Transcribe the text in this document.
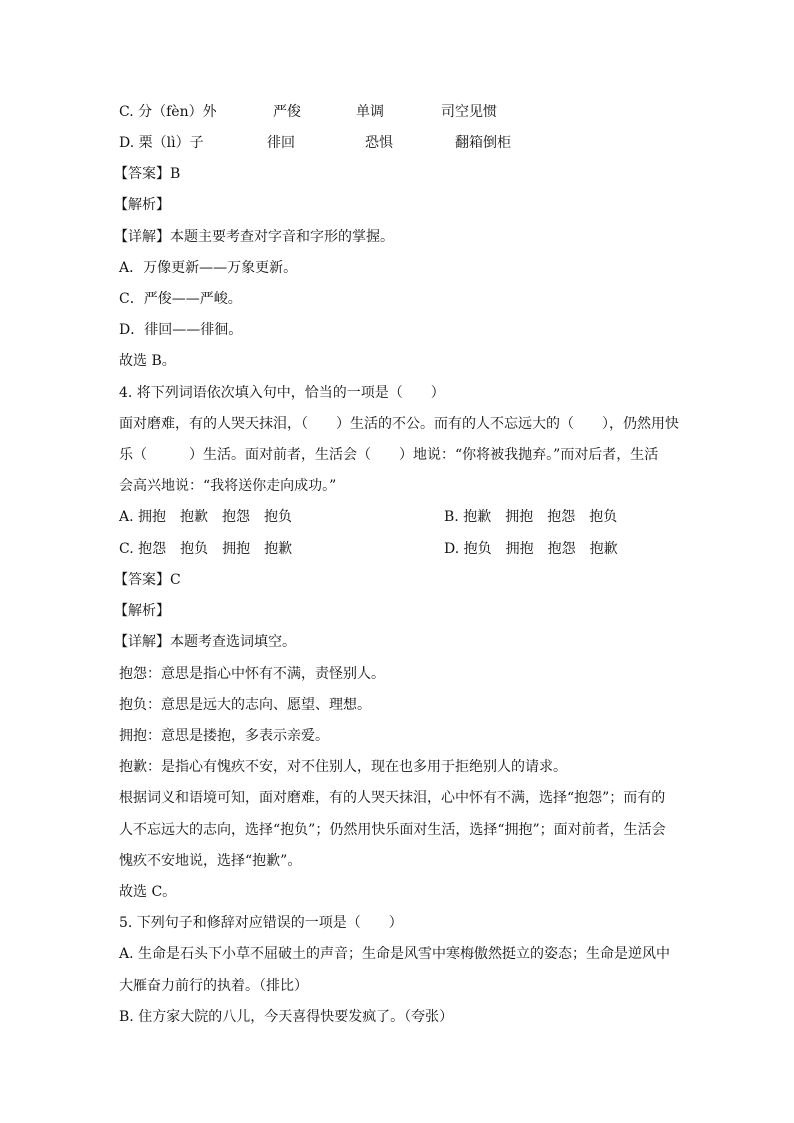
C. 分（fèn）外	严俊	单调	司空见惯
D. 栗（lì）子	徘回	恐惧	翻箱倒柜
【答案】B
【解析】
【详解】本题主要考查对字音和字形的掌握。
A．万像更新——万象更新。
C．严俊——严峻。
D．徘回——徘徊。
故选 B。
4. 将下列词语依次填入句中，恰当的一项是（　　）
面对磨难，有的人哭天抹泪，（　　）生活的不公。而有的人不忘远大的（　　），仍然用快
乐（　　　）生活。面对前者，生活会（　　）地说：“你将被我抛弃。”而对后者，生活
会高兴地说：“我将送你走向成功。”
A. 拥抱　抱歉　抱怨　抱负	B. 抱歉　拥抱　抱怨　抱负
C. 抱怨　抱负　拥抱　抱歉	D. 抱负　拥抱　抱怨　抱歉
【答案】C
【解析】
【详解】本题考查选词填空。
抱怨：意思是指心中怀有不满，责怪别人。
抱负：意思是远大的志向、愿望、理想。
拥抱：意思是搂抱，多表示亲爱。
抱歉：是指心有愧疚不安，对不住别人，现在也多用于拒绝别人的请求。
根据词义和语境可知，面对磨难，有的人哭天抹泪，心中怀有不满，选择“抱怨”；而有的
人不忘远大的志向，选择“抱负”；仍然用快乐面对生活，选择“拥抱”；面对前者，生活会
愧疚不安地说，选择“抱歉”。
故选 C。
5. 下列句子和修辞对应错误的一项是（　　）
A. 生命是石头下小草不屈破土的声音；生命是风雪中寒梅傲然挺立的姿态；生命是逆风中
大雁奋力前行的执着。（排比）
B. 住方家大院的八儿，今天喜得快要发疯了。（夸张）
